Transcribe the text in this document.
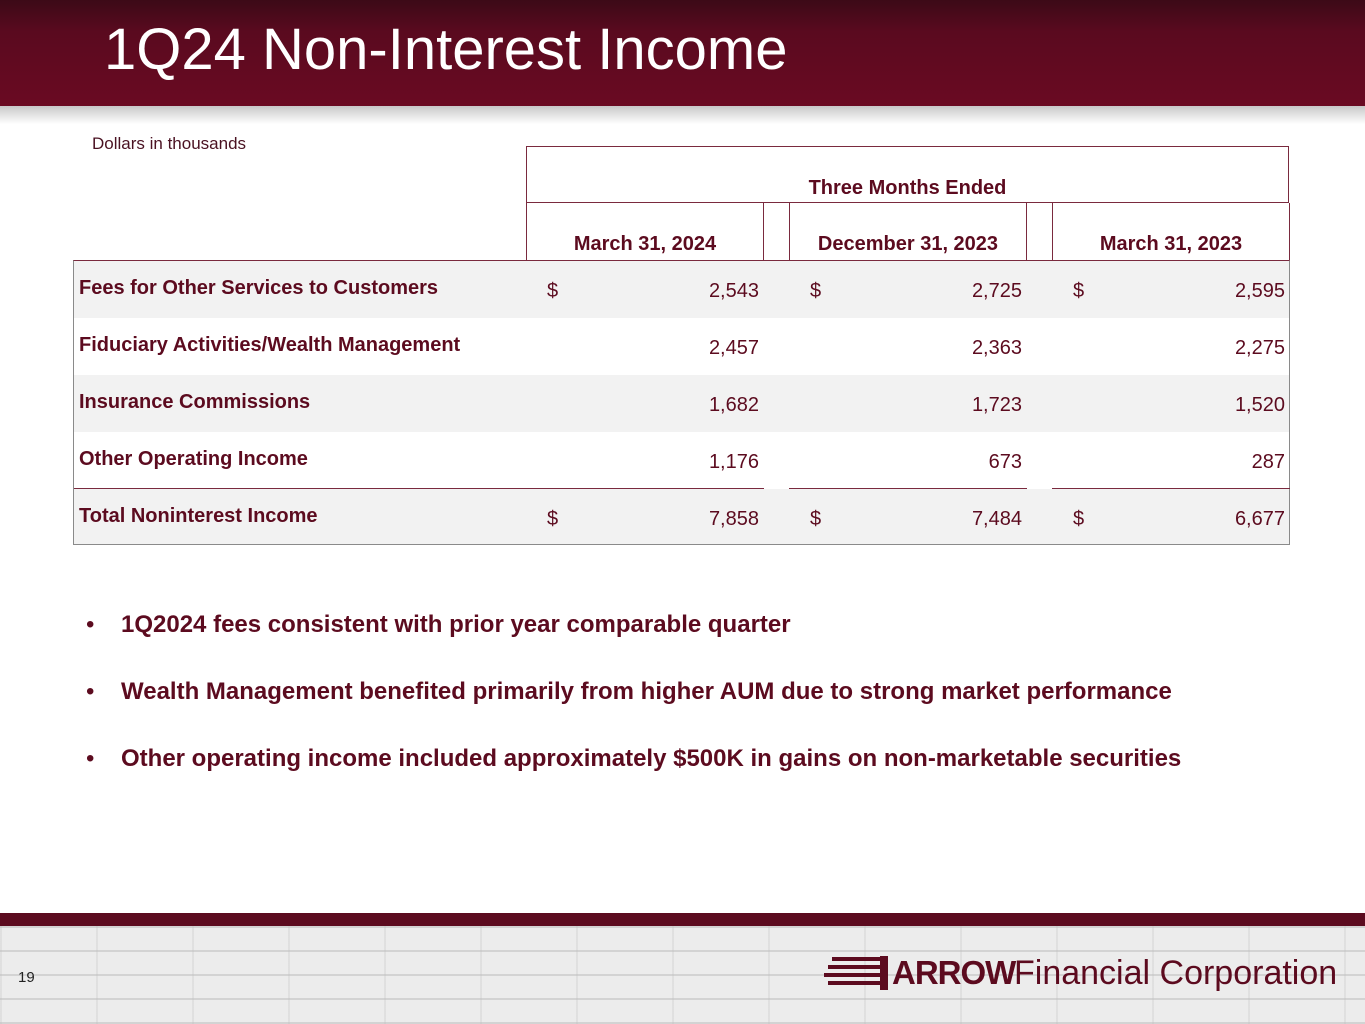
1Q24 Non-Interest Income
Dollars in thousands
Three Months Ended
March 31, 2024	December 31, 2023	March 31, 2023
Fees for Other Services to Customers	$	2,543	$	2,725	$	2,595
Fiduciary Activities/Wealth Management	2,457	2,363	2,275
Insurance Commissions	1,682	1,723	1,520
Other Operating Income	1,176	673	287
Total Noninterest Income	$	7,858	$	7,484	$	6,677
• 1Q2024 fees consistent with prior year comparable quarter
• Wealth Management benefited primarily from higher AUM due to strong market performance
• Other operating income included approximately $500K in gains on non-marketable securities
19	ARROW
Financial Corporation
